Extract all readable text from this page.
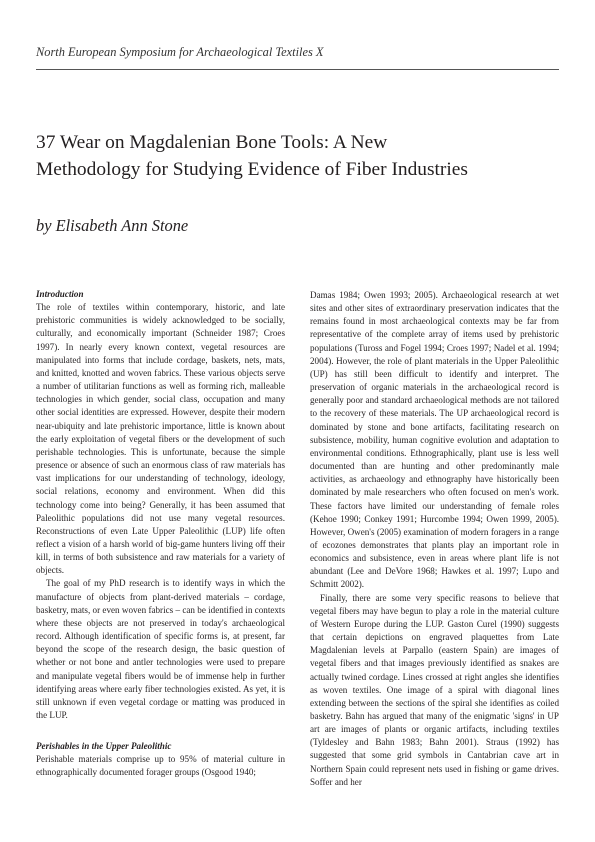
North European Symposium for Archaeological Textiles X
37 Wear on Magdalenian Bone Tools: A New
Methodology for Studying Evidence of Fiber Industries
by Elisabeth Ann Stone

Introduction

The role of textiles within contemporary, historic, and late prehistoric communities is widely acknowledged to be socially, culturally, and economically important (Schneider 1987; Croes 1997). In nearly every known context, vegetal resources are manipulated into forms that include cordage, baskets, nets, mats, and knitted, knotted and woven fabrics. These various objects serve a number of utilitarian functions as well as forming rich, malleable technologies in which gender, social class, occupation and many other social identities are expressed. However, despite their modern near-ubiquity and late prehistoric importance, little is known about the early exploitation of vegetal fibers or the development of such perishable technologies. This is unfortunate, because the simple presence or absence of such an enormous class of raw materials has vast implications for our understanding of technology, ideology, social relations, economy and environment. When did this technology come into being? Generally, it has been assumed that Paleolithic populations did not use many vegetal resources. Reconstructions of even Late Upper Paleolithic (LUP) life often reflect a vision of a harsh world of big-game hunters living off their kill, in terms of both subsistence and raw materials for a variety of objects.

The goal of my PhD research is to identify ways in which the manufacture of objects from plant-derived materials – cordage, basketry, mats, or even woven fabrics – can be identified in contexts where these objects are not preserved in today's archaeological record. Although identification of specific forms is, at present, far beyond the scope of the research design, the basic question of whether or not bone and antler technologies were used to prepare and manipulate vegetal fibers would be of immense help in further identifying areas where early fiber technologies existed. As yet, it is still unknown if even vegetal cordage or matting was produced in the LUP.

Perishables in the Upper Paleolithic

Perishable materials comprise up to 95% of material culture in ethnographically documented forager groups (Osgood 1940;

Damas 1984; Owen 1993; 2005). Archaeological research at wet sites and other sites of extraordinary preservation indicates that the remains found in most archaeological contexts may be far from representative of the complete array of items used by prehistoric populations (Tuross and Fogel 1994; Croes 1997; Nadel et al. 1994; 2004). However, the role of plant materials in the Upper Paleolithic (UP) has still been difficult to identify and interpret. The preservation of organic materials in the archaeological record is generally poor and standard archaeological methods are not tailored to the recovery of these materials. The UP archaeological record is dominated by stone and bone artifacts, facilitating research on subsistence, mobility, human cognitive evolution and adaptation to environmental conditions. Ethnographically, plant use is less well documented than are hunting and other predominantly male activities, as archaeology and ethnography have historically been dominated by male researchers who often focused on men's work. These factors have limited our understanding of female roles (Kehoe 1990; Conkey 1991; Hurcombe 1994; Owen 1999, 2005). However, Owen's (2005) examination of modern foragers in a range of ecozones demonstrates that plants play an important role in economics and subsistence, even in areas where plant life is not abundant (Lee and DeVore 1968; Hawkes et al. 1997; Lupo and Schmitt 2002).

Finally, there are some very specific reasons to believe that vegetal fibers may have begun to play a role in the material culture of Western Europe during the LUP. Gaston Curel (1990) suggests that certain depictions on engraved plaquettes from Late Magdalenian levels at Parpallo (eastern Spain) are images of vegetal fibers and that images previously identified as snakes are actually twined cordage. Lines crossed at right angles she identifies as woven textiles. One image of a spiral with diagonal lines extending between the sections of the spiral she identifies as coiled basketry. Bahn has argued that many of the enigmatic 'signs' in UP art are images of plants or organic artifacts, including textiles (Tyldesley and Bahn 1983; Bahn 2001). Straus (1992) has suggested that some grid symbols in Cantabrian cave art in Northern Spain could represent nets used in fishing or game drives. Soffer and her
